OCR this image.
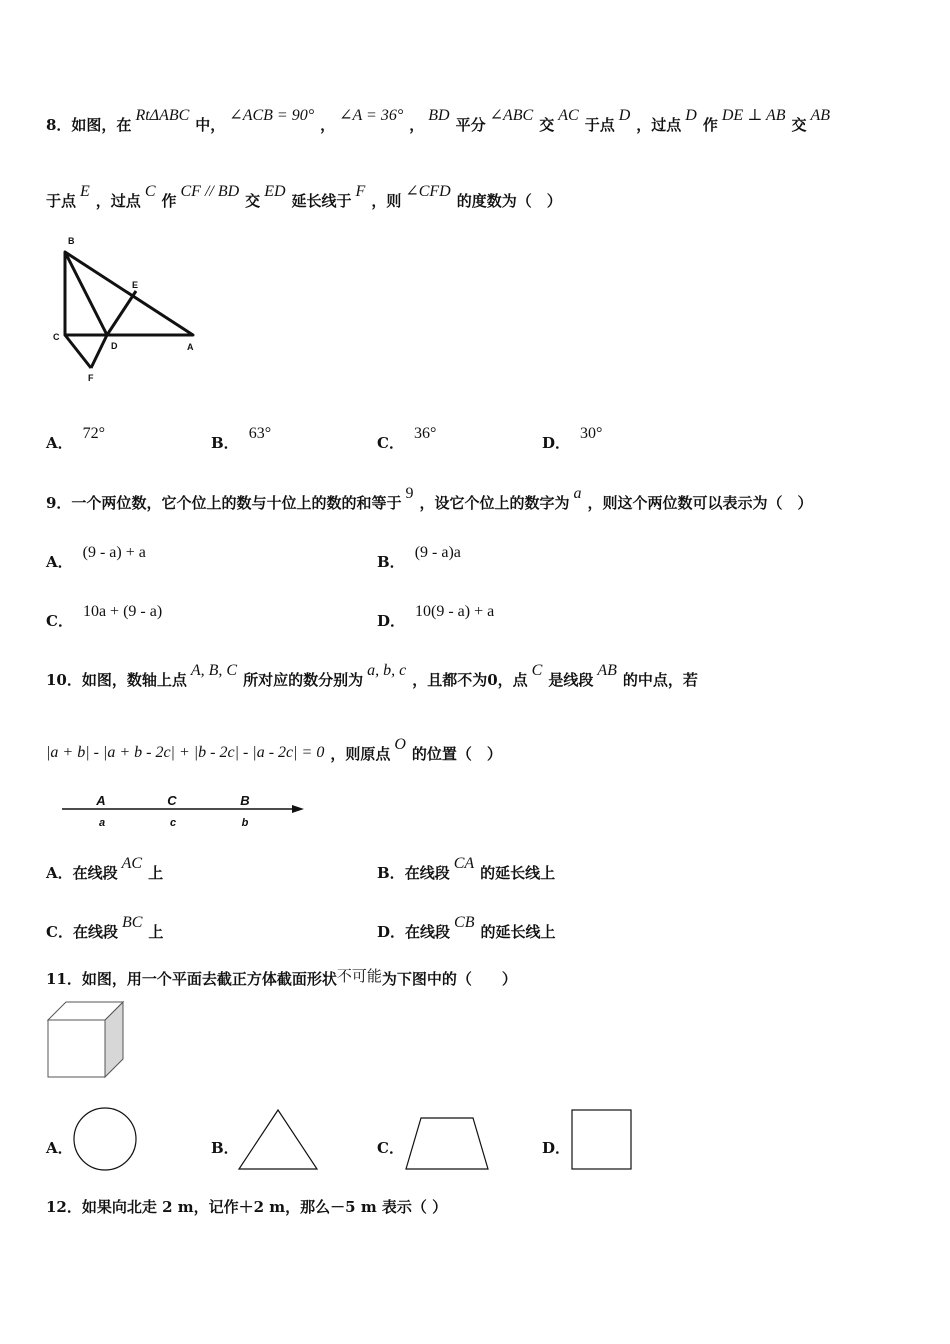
8．如图，在RtΔABC中，∠ACB = 90°，∠A = 36°，BD平分∠ABC交AC于点D，过点D作DE ⊥ AB交AB
于点E，过点C作CF // BD交ED延长线于F，则∠CFD的度数为（　）
B
E
C
D	A
F
A．72°
B．63°
C．36°
D．30°
9．一个两位数，它个位上的数与十位上的数的和等于9，设它个位上的数字为a，则这个两位数可以表示为（　）
A．(9 - a) + a
B．(9 - a)a
C．10a + (9 - a)
D．10(9 - a) + a
10．如图，数轴上点A, B, C所对应的数分别为a, b, c，且都不为0，点C是线段AB的中点，若
|a + b| - |a + b - 2c| + |b - 2c| - |a - 2c| = 0 ，则原点O的位置（　）
A	C	B
a	c	b
A．在线段AC上	B．在线段CA的延长线上
C．在线段BC上	D．在线段CB的延长线上
11．如图，用一个平面去截正方体截面形状不可能为下图中的（　　）
A．	B．	C．	D．
12．如果向北走 2 m，记作＋2 m，那么－5 m 表示（ ）
